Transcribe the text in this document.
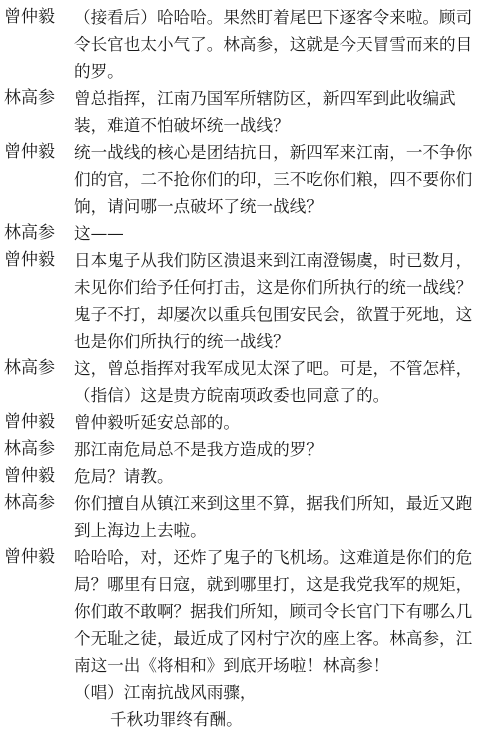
曾仲毅 （接看后）哈哈哈。果然盯着尾巴下逐客令来啦。顾司
令长官也太小气了。林高参，这就是今天冒雪而来的目
的罗。
林高参 曾总指挥，江南乃国军所辖防区，新四军到此收编武
装，难道不怕破坏统一战线？
曾仲毅 统一战线的核心是团结抗日，新四军来江南，一不争你
们的官，二不抢你们的印，三不吃你们粮，四不要你们
饷，请问哪一点破坏了统一战线？
林高参 这——
曾仲毅 日本鬼子从我们防区溃退来到江南澄锡虞，时已数月，
未见你们给予任何打击，这是你们所执行的统一战线？
鬼子不打，却屡次以重兵包围安民会，欲置于死地，这
也是你们所执行的统一战线？
林高参 这，曾总指挥对我军成见太深了吧。可是，不管怎样，
（指信）这是贵方皖南项政委也同意了的。
曾仲毅 曾仲毅听延安总部的。
林高参 那江南危局总不是我方造成的罗？
曾仲毅 危局？请教。
林高参 你们擅自从镇江来到这里不算，据我们所知，最近又跑
到上海边上去啦。
曾仲毅 哈哈哈，对，还炸了鬼子的飞机场。这难道是你们的危
局？哪里有日寇，就到哪里打，这是我党我军的规矩，
你们敢不敢啊？据我们所知，顾司令长官门下有哪么几
个无耻之徒，最近成了冈村宁次的座上客。林高参，江
南这一出《将相和》到底开场啦！林高参！
（唱）江南抗战风雨骤，
千秋功罪终有酬。
